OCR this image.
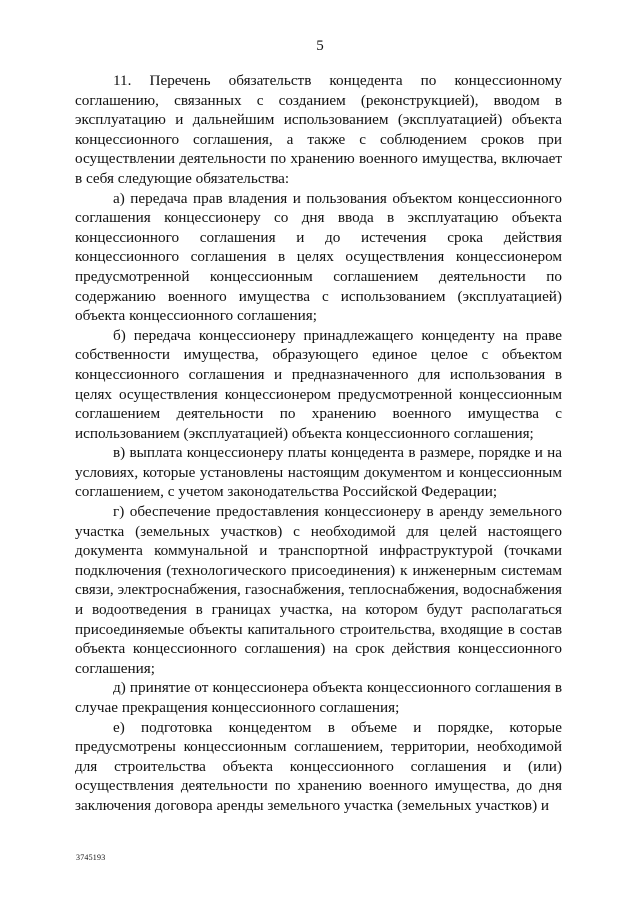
5

11. Перечень обязательств концедента по концессионному соглашению, связанных с созданием (реконструкцией), вводом в эксплуатацию и дальнейшим использованием (эксплуатацией) объекта концессионного соглашения, а также с соблюдением сроков при осуществлении деятельности по хранению военного имущества, включает в себя следующие обязательства:

а) передача прав владения и пользования объектом концессионного соглашения концессионеру со дня ввода в эксплуатацию объекта концессионного соглашения и до истечения срока действия концессионного соглашения в целях осуществления концессионером предусмотренной концессионным соглашением деятельности по содержанию военного имущества с использованием (эксплуатацией) объекта концессионного соглашения;

б) передача концессионеру принадлежащего концеденту на праве собственности имущества, образующего единое целое с объектом концессионного соглашения и предназначенного для использования в целях осуществления концессионером предусмотренной концессионным соглашением деятельности по хранению военного имущества с использованием (эксплуатацией) объекта концессионного соглашения;

в) выплата концессионеру платы концедента в размере, порядке и на условиях, которые установлены настоящим документом и концессионным соглашением, с учетом законодательства Российской Федерации;

г) обеспечение предоставления концессионеру в аренду земельного участка (земельных участков) с необходимой для целей настоящего документа коммунальной и транспортной инфраструктурой (точками подключения (технологического присоединения) к инженерным системам связи, электроснабжения, газоснабжения, теплоснабжения, водоснабжения и водоотведения в границах участка, на котором будут располагаться присоединяемые объекты капитального строительства, входящие в состав объекта концессионного соглашения) на срок действия концессионного соглашения;

д) принятие от концессионера объекта концессионного соглашения в случае прекращения концессионного соглашения;

е) подготовка концедентом в объеме и порядке, которые предусмотрены концессионным соглашением, территории, необходимой для строительства объекта концессионного соглашения и (или) осуществления деятельности по хранению военного имущества, до дня заключения договора аренды земельного участка (земельных участков) и

3745193
